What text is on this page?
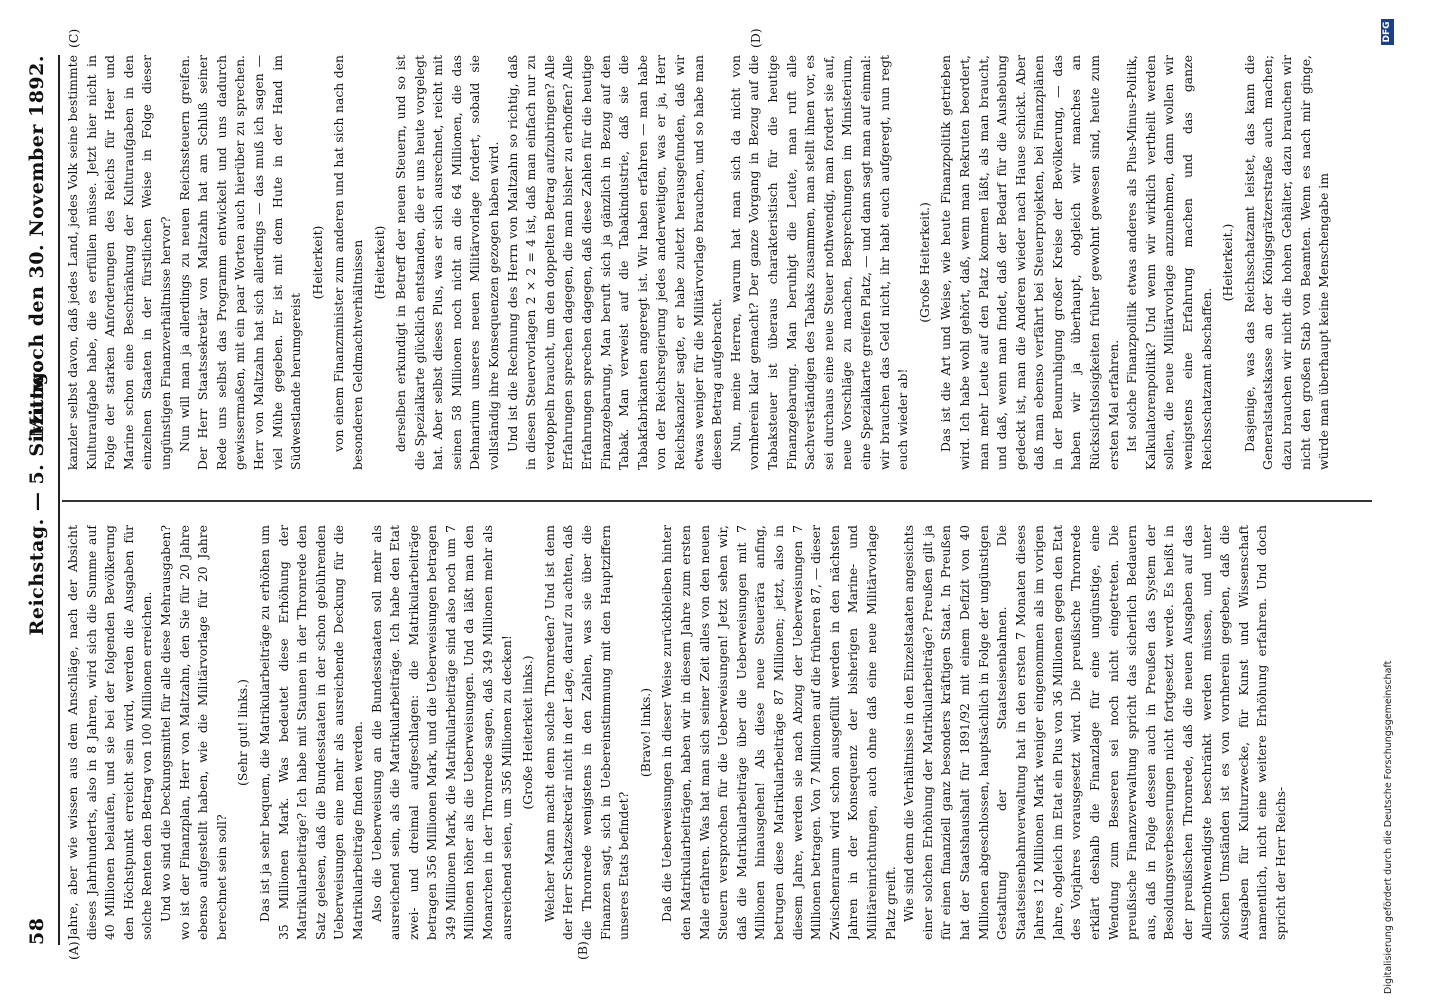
58
Reichstag. — 5. Sitzung.
Mittwoch den 30. November 1892.
(A)	(B)
(C)	(D)

Jahre, aber wie wissen aus dem Anschläge, nach der Absicht dieses Jahrhunderts, also in 8 Jahren, wird sich die Summe auf 40 Millionen belaufen, und sie bei der folgenden Bevölkerung den Höchstpunkt erreicht sein wird, werden die Ausgaben für solche Renten den Betrag von 100 Millionen erreichen. Und wo sind die Deckungsmittel für alle diese Mehrausgaben? wo ist der Finanzplan, Herr von Maltzahn, den Sie für 20 Jahre ebenso aufgestellt haben, wie die Militärvorlage für 20 Jahre berechnet sein soll?

(Sehr gut! links.) Das ist ja sehr bequem, die Matrikularbeiträge zu erhöhen um 35 Millionen Mark. Was bedeutet diese Erhöhung der Matrikularbeiträge? Ich habe mit Staunen in der Thronrede den Satz gelesen, daß die Bundesstaaten in der schon gebührenden Ueberweisungen eine mehr als ausreichende Deckung für die Matrikularbeiträge finden werden. Also die Ueberweisung an die Bundesstaaten soll mehr als ausreichend sein, als die Matrikularbeiträge. Ich habe den Etat zwei- und dreimal aufgeschlagen: die Matrikularbeiträge betragen 356 Millionen Mark, und die Ueberweisungen betragen 349 Millionen Mark, die Matrikularbeiträge sind also noch um 7 Millionen höher als die Ueberweisungen. Und da läßt man den Monarchen in der Thronrede sagen, daß 349 Millionen mehr als ausreichend seien, um 356 Millionen zu decken! (Große Heiterkeit links.) Welcher Mann macht denn solche Thronreden? Und ist denn der Herr Schatzsekretär nicht in der Lage, darauf zu achten, daß die Thronrede wenigstens in den Zahlen, was sie über die Finanzen sagt, sich in Uebereinstimmung mit den Hauptziffern unseres Etats befindet?

(Bravo! links.) Daß die Ueberweisungen in dieser Weise zurückbleiben hinter den Matrikularbeiträgen, haben wir in diesem Jahre zum ersten Male erfahren. Was hat man sich seiner Zeit alles von den neuen Steuern versprochen für die Ueberweisungen! Jetzt sehen wir, daß die Matrikularbeiträge über die Ueberweisungen mit 7 Millionen hinausgehen! Als diese neue Steuerära anfing, betrugen diese Matrikularbeiträge 87 Millionen; jetzt, also in diesem Jahre, werden sie nach Abzug der Ueberweisungen 7 Millionen betragen. Von 7 Millionen auf die früheren 87, — dieser Zwischenraum wird schon ausgefüllt werden in den nächsten Jahren in der Konsequenz der bisherigen Marine- und Militäreinrichtungen, auch ohne daß eine neue Militärvorlage Platz greift. Wie sind denn die Verhältnisse in den Einzelstaaten angesichts einer solchen Erhöhung der Matrikularbeiträge? Preußen gilt ja für einen finanziell ganz besonders kräftigen Staat. In Preußen hat der Staatshaushalt für 1891/92 mit einem Defizit von 40 Millionen abgeschlossen, hauptsächlich in Folge der ungünstigen Gestaltung der Staatseisenbahnen. Die Staatseisenbahnverwaltung hat in den ersten 7 Monaten dieses Jahres 12 Millionen Mark weniger eingenommen als im vorigen Jahre, obgleich im Etat ein Plus von 36 Millionen gegen den Etat des Vorjahres vorausgesetzt wird. Die preußische Thronrede erklärt deshalb die Finanzlage für eine ungünstige, eine Wendung zum Besseren sei noch nicht eingetreten. Die preußische Finanzverwaltung spricht das sicherlich Bedauern aus, daß in Folge dessen auch in Preußen das System der Besoldungsverbesserungen nicht fortgesetzt werde. Es heißt in der preußischen Thronrede, daß die neuen Ausgaben auf das Allernothwendigste beschränkt werden müssen, und unter solchen Umständen ist es von vornherein gegeben, daß die Ausgaben für Kulturzwecke, für Kunst und Wissenschaft namentlich, nicht eine weitere Erhöhung erfahren. Und doch spricht der Herr Reichs-

kanzler selbst davon, daß jedes Land, jedes Volk seine bestimmte Kulturaufgabe habe, die es erfüllen müsse. Jetzt hier nicht in Folge der starken Anforderungen des Reichs für Heer und Marine schon eine Beschränkung der Kulturaufgaben in den einzelnen Staaten in der fürstlichen Weise in Folge dieser ungünstigen Finanzverhältnisse hervor? Nun will man ja allerdings zu neuen Reichssteuern greifen. Der Herr Staatssekretär von Maltzahn hat am Schluß seiner Rede uns selbst das Programm entwickelt und uns dadurch gewissermaßen, mit ein paar Worten auch hierüber zu sprechen. Herr von Maltzahn hat sich allerdings — das muß ich sagen — viel Mühe gegeben. Er ist mit dem Hute in der Hand im Südwestlande herumgereist

(Heiterkeit) von einem Finanzminister zum anderen und hat sich nach den besonderen Geldmachtverhältnissen (Heiterkeit) derselben erkundigt in Betreff der neuen Steuern, und so ist die Spezialkarte glücklich entstanden, die er uns heute vorgelegt hat. Aber selbst dieses Plus, was er sich ausrechnet, reicht mit seinen 58 Millionen noch nicht an die 64 Millionen, die das Dehnarium unseres neuen Militärvorlage fordert, sobald sie vollständig ihre Konsequenzen gezogen haben wird. Und ist die Rechnung des Herrn von Maltzahn so richtig, daß in diesen Steuervorlagen 2 × 2 = 4 ist, daß man einfach nur zu verdoppeln braucht, um den doppelten Betrag aufzubringen? Alle Erfahrungen sprechen dagegen, die man bisher zu erhoffen? Alle Erfahrungen sprechen dagegen, daß diese Zahlen für die heutige Finanzgebarung, Man beruft sich ja gänzlich in Bezug auf den Tabak. Man verweist auf die Tabakindustrie, daß sie die Tabakfabrikanten angeregt ist. Wir haben erfahren — man habe von der Reichsregierung jedes anderweitigen, was er ja, Herr Reichskanzler sagte, er habe zuletzt herausgefunden, daß wir etwas weniger für die Militärvorlage brauchen, und so habe man diesen Betrag aufgebracht. Nun, meine Herren, warum hat man sich da nicht von vornherein klar gemacht? Der ganze Vorgang in Bezug auf die Tabaksteuer ist überaus charakteristisch für die heutige Finanzgebarung. Man beruhigt die Leute, man ruft alle Sachverständigen des Tabaks zusammen, man stellt ihnen vor, es sei durchaus eine neue Steuer nothwendig, man fordert sie auf, neue Vorschläge zu machen, Besprechungen im Ministerium, eine Spezialkarte greifen Platz, — und dann sagt man auf einmal: wir brauchen das Geld nicht, ihr habt euch aufgeregt, nun regt euch wieder ab!

(Große Heiterkeit.) Das ist die Art und Weise, wie heute Finanzpolitik getrieben wird. Ich habe wohl gehört, daß, wenn man Rekruten beordert, man mehr Leute auf den Platz kommen läßt, als man braucht, und daß, wenn man findet, daß der Bedarf für die Aushebung gedeckt ist, man die Anderen wieder nach Hause schickt. Aber daß man ebenso verfährt bei Steuerprojekten, bei Finanzplänen in der Beunruhigung großer Kreise der Bevölkerung, — das haben wir ja überhaupt, obgleich wir manches an Rücksichtslosigkeiten früher gewohnt gewesen sind, heute zum ersten Mal erfahren. Ist solche Finanzpolitik etwas anderes als Plus-Minus-Politik, Kalkulatorenpolitik? Und wenn wir wirklich vertheilt werden sollen, die neue Militärvorlage anzunehmen, dann wollen wir wenigstens eine Erfahrung machen und das ganze Reichsschatzamt abschaffen.

(Heiterkeit.) Dasjenige, was das Reichsschatzamt leistet, das kann die Generalstaatskasse an der Königsgrätzerstraße auch machen; dazu brauchen wir nicht die hohen Gehälter, dazu brauchen wir nicht den großen Stab von Beamten. Wenn es nach mir ginge, würde man überhaupt keine Menschengabe im

Digitalisierung gefördert durch die Deutsche Forschungsgemeinschaft
DFG
